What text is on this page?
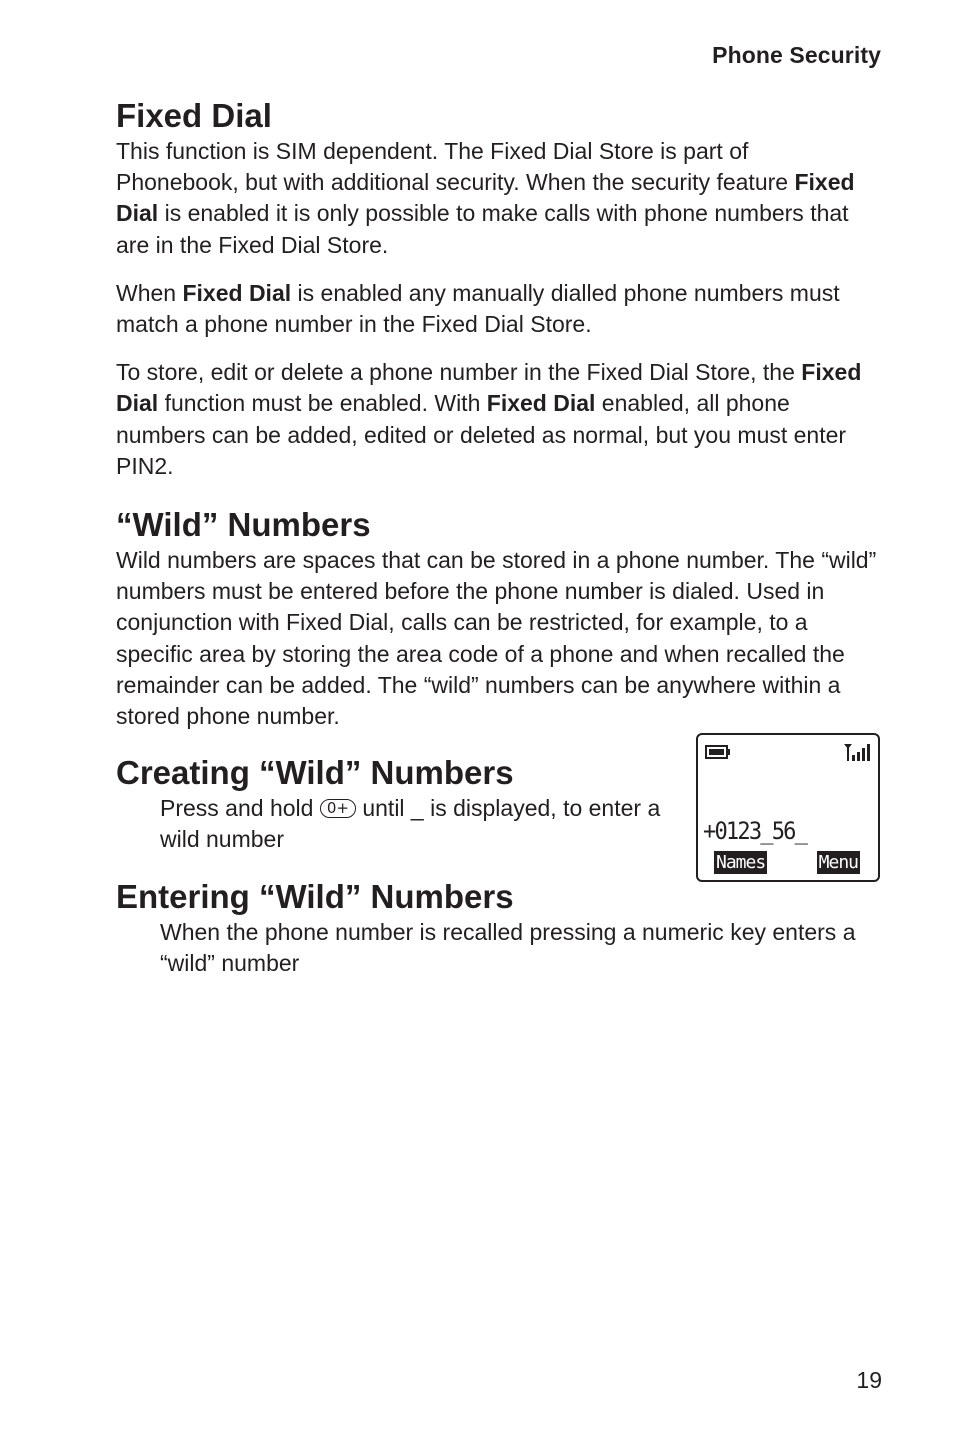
Phone Security
Fixed Dial

This function is SIM dependent. The Fixed Dial Store is part of Phonebook, but with additional security. When the security feature Fixed Dial is enabled it is only possible to make calls with phone numbers that are in the Fixed Dial Store.

When Fixed Dial is enabled any manually dialled phone numbers must match a phone number in the Fixed Dial Store.

To store, edit or delete a phone number in the Fixed Dial Store, the Fixed Dial function must be enabled. With Fixed Dial enabled, all phone numbers can be added, edited or deleted as normal, but you must enter PIN2.

“Wild” Numbers

Wild numbers are spaces that can be stored in a phone number. The “wild” numbers must be entered before the phone number is dialed. Used in conjunction with Fixed Dial, calls can be restricted, for example, to a specific area by storing the area code of a phone and when recalled the remainder can be added. The “wild” numbers can be anywhere within a stored phone number.

Creating “Wild” Numbers

Press and hold 0+ until _ is displayed, to enter a wild number	+0123_56_
Names	Menu
Entering “Wild” Numbers

When the phone number is recalled pressing a numeric key enters a “wild” number

19
